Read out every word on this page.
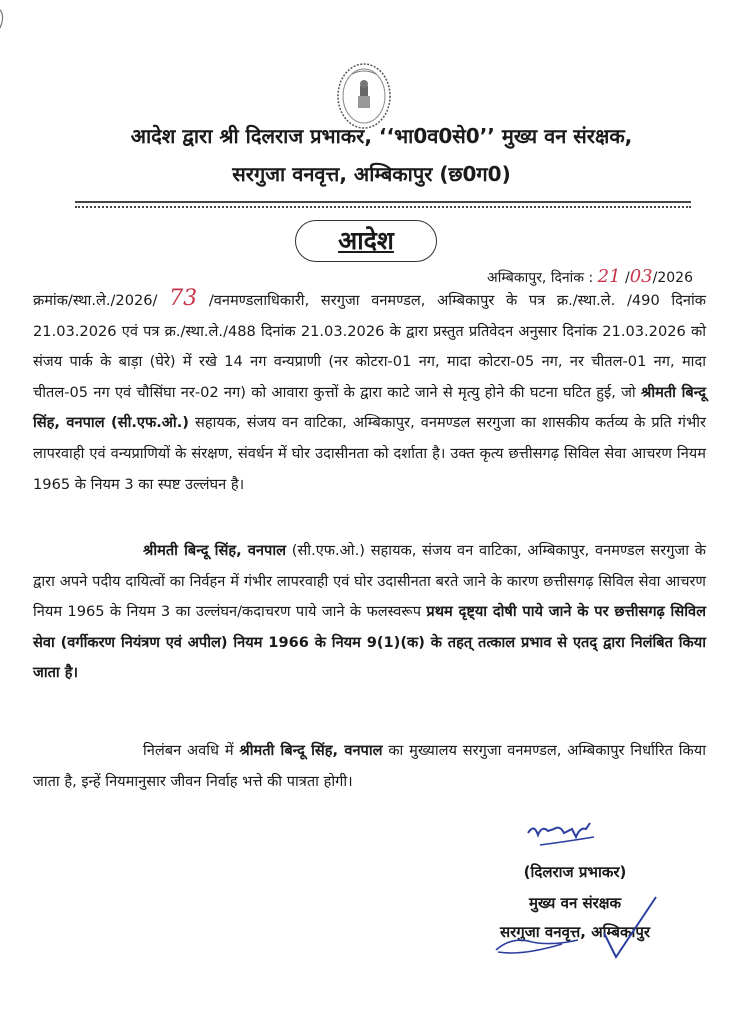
आदेश द्वारा श्री दिलराज प्रभाकर, ‘‘भा0व0से0’’ मुख्य वन संरक्षक,
सरगुजा वनवृत्त, अम्बिकापुर (छ0ग0)
आदेश
अम्बिकापुर, दिनांक : 21 /03/2026
क्रमांक/स्था.ले./2026/ 73 /वनमण्डलाधिकारी, सरगुजा वनमण्डल, अम्बिकापुर के पत्र क्र./स्था.ले. /490 दिनांक 21.03.2026 एवं पत्र क्र./स्था.ले./488 दिनांक 21.03.2026 के द्वारा प्रस्तुत प्रतिवेदन अनुसार दिनांक 21.03.2026 को संजय पार्क के बाड़ा (घेरे) में रखे 14 नग वन्यप्राणी (नर कोटरा-01 नग, मादा कोटरा-05 नग, नर चीतल-01 नग, मादा चीतल-05 नग एवं चौसिंघा नर-02 नग) को आवारा कुत्तों के द्वारा काटे जाने से मृत्यु होने की घटना घटित हुई, जो श्रीमती बिन्दू सिंह, वनपाल (सी.एफ.ओ.) सहायक, संजय वन वाटिका, अम्बिकापुर, वनमण्डल सरगुजा का शासकीय कर्तव्य के प्रति गंभीर लापरवाही एवं वन्यप्राणियों के संरक्षण, संवर्धन में घोर उदासीनता को दर्शाता है। उक्त कृत्य छत्तीसगढ़ सिविल सेवा आचरण नियम 1965 के नियम 3 का स्पष्ट उल्लंघन है।
श्रीमती बिन्दू सिंह, वनपाल (सी.एफ.ओ.) सहायक, संजय वन वाटिका, अम्बिकापुर, वनमण्डल सरगुजा के द्वारा अपने पदीय दायित्वों का निर्वहन में गंभीर लापरवाही एवं घोर उदासीनता बरते जाने के कारण छत्तीसगढ़ सिविल सेवा आचरण नियम 1965 के नियम 3 का उल्लंघन/कदाचरण पाये जाने के फलस्वरूप प्रथम दृष्ट्या दोषी पाये जाने के पर छत्तीसगढ़ सिविल सेवा (वर्गीकरण नियंत्रण एवं अपील) नियम 1966 के नियम 9(1)(क) के तहत् तत्काल प्रभाव से एतद् द्वारा निलंबित किया जाता है।
निलंबन अवधि में श्रीमती बिन्दू सिंह, वनपाल का मुख्यालय सरगुजा वनमण्डल, अम्बिकापुर निर्धारित किया जाता है, इन्हें नियमानुसार जीवन निर्वाह भत्ते की पात्रता होगी।
(दिलराज प्रभाकर)
मुख्य वन संरक्षक
सरगुजा वनवृत्त, अम्बिकापुर
